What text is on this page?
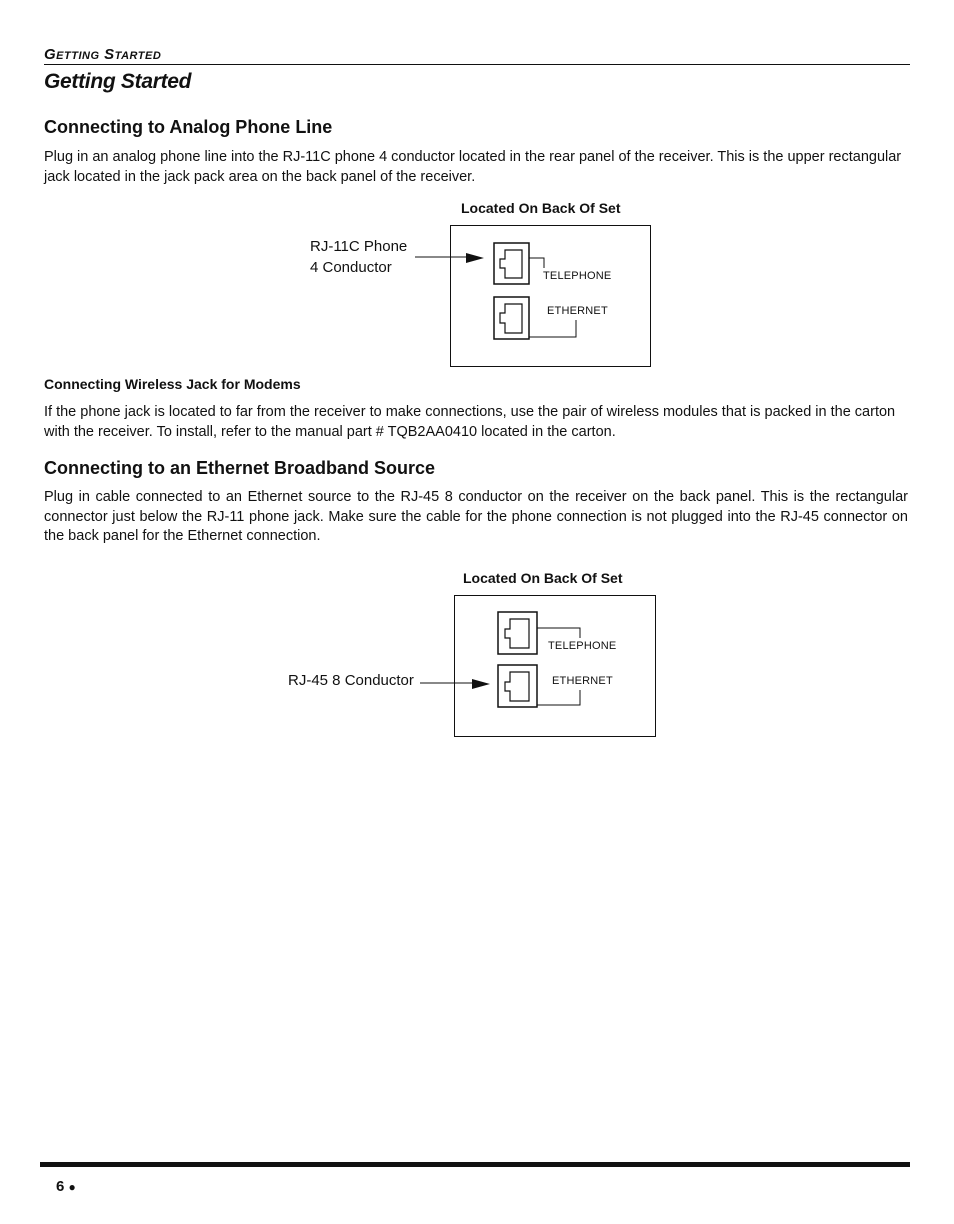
Getting Started
Getting Started
Connecting to Analog Phone Line

Plug in an analog phone line into the RJ-11C phone 4 conductor located in the rear panel of the receiver. This is the upper rectangular jack located in the jack pack area on the back panel of the receiver.

Located On Back Of Set
RJ-11C Phone
4 Conductor	TELEPHONE
ETHERNET
Connecting Wireless Jack for Modems

If the phone jack is located to far from the receiver to make connections, use the pair of wireless modules that is packed in the carton with the receiver. To install, refer to the manual part # TQB2AA0410 located in the carton.

Connecting to an Ethernet Broadband Source

Plug in cable connected to an Ethernet source to the RJ-45 8 conductor on the receiver on the back panel. This is the rectangular connector just below the RJ-11 phone jack. Make sure the cable for the phone connection is not plugged into the RJ-45 connector on the back panel for the Ethernet connection.

Located On Back Of Set
RJ-45 8 Conductor
TELEPHONE
ETHERNET
6 ●
